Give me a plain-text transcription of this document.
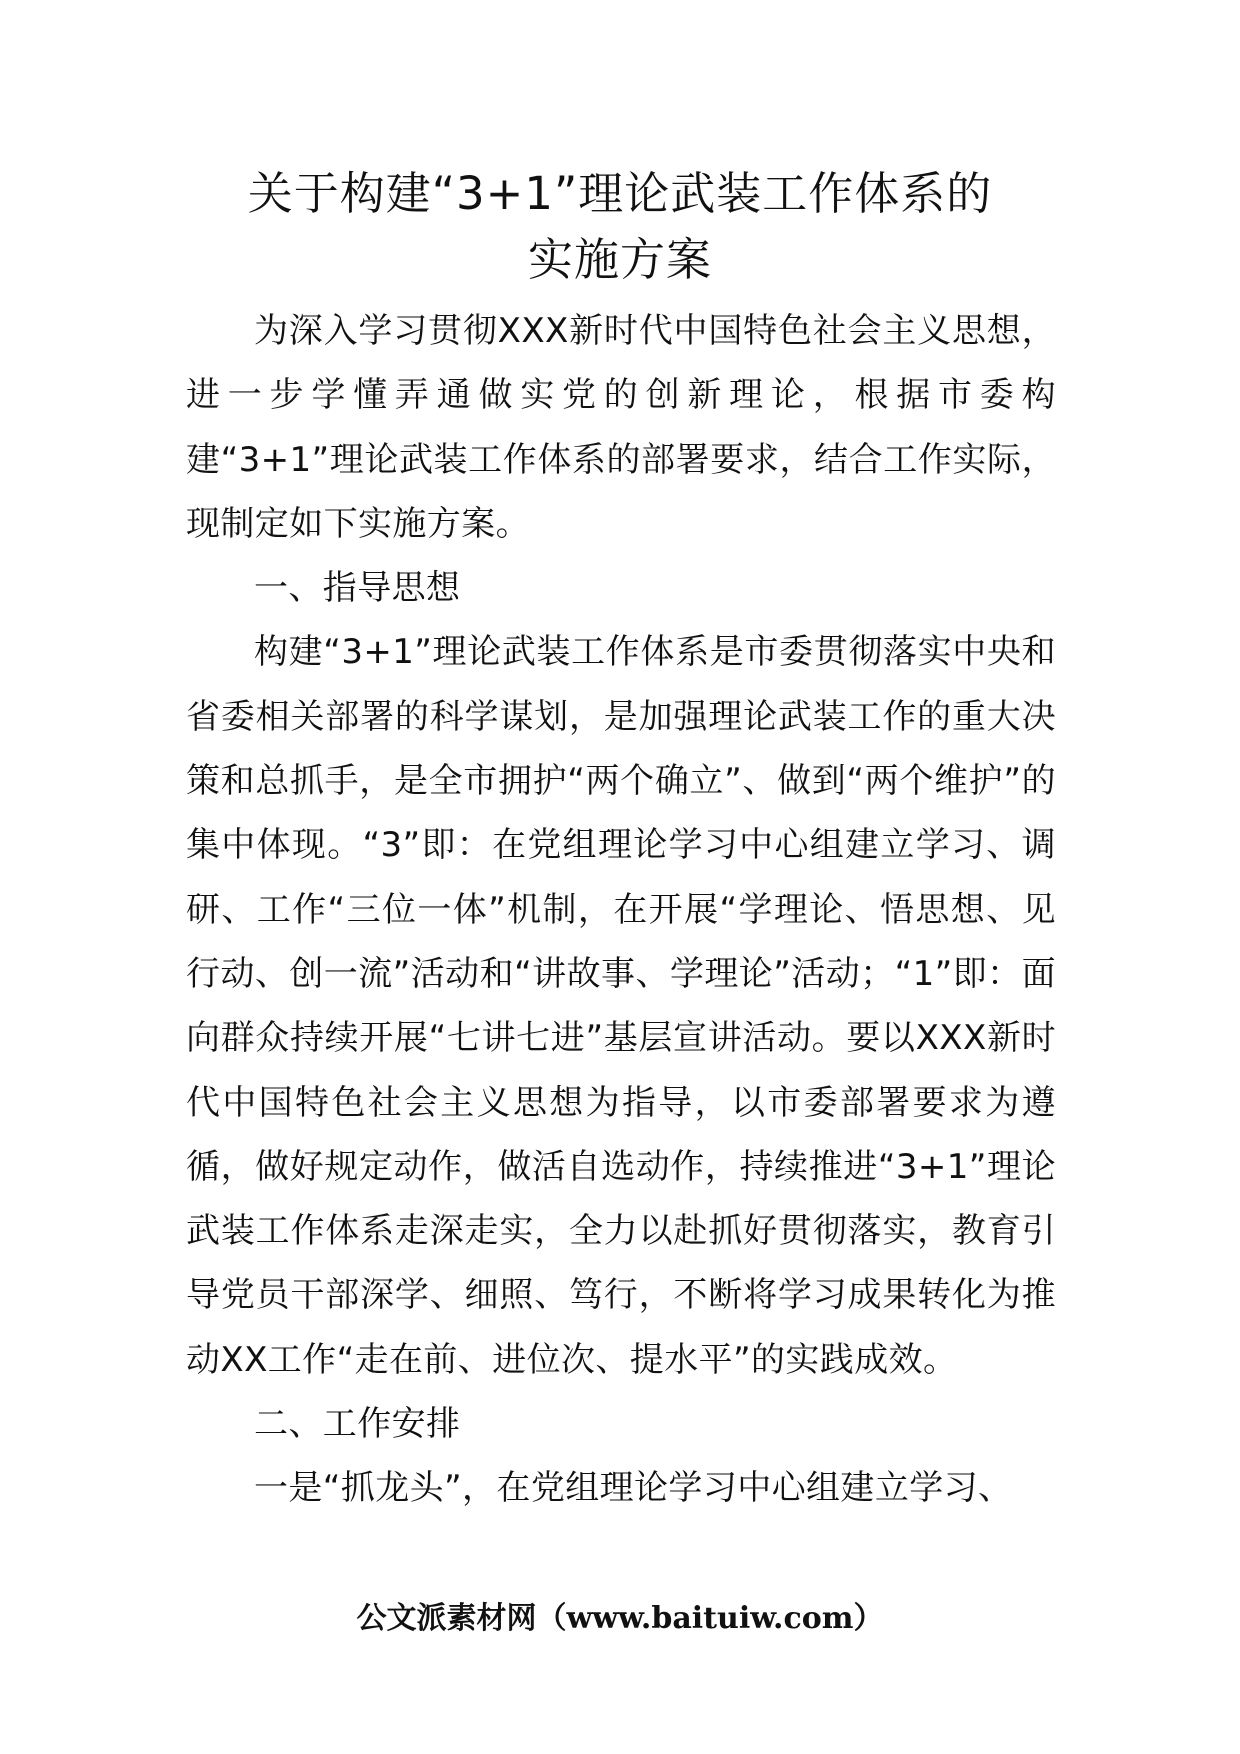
关于构建“3+1”理论武装工作体系的
实施方案

为深入学习贯彻XXX新时代中国特色社会主义思想，进一步学懂弄通做实党的创新理论，根据市委构建“3+1”理论武装工作体系的部署要求，结合工作实际，现制定如下实施方案。

一、指导思想

构建“3+1”理论武装工作体系是市委贯彻落实中央和省委相关部署的科学谋划，是加强理论武装工作的重大决策和总抓手，是全市拥护“两个确立”、做到“两个维护”的集中体现。“3”即：在党组理论学习中心组建立学习、调研、工作“三位一体”机制，在开展“学理论、悟思想、见行动、创一流”活动和“讲故事、学理论”活动；“1”即：面向群众持续开展“七讲七进”基层宣讲活动。要以XXX新时代中国特色社会主义思想为指导，以市委部署要求为遵循，做好规定动作，做活自选动作，持续推进“3+1”理论武装工作体系走深走实，全力以赴抓好贯彻落实，教育引导党员干部深学、细照、笃行，不断将学习成果转化为推动XX工作“走在前、进位次、提水平”的实践成效。

二、工作安排

一是“抓龙头”，在党组理论学习中心组建立学习、

公文派素材网（www.baituiw.com）
